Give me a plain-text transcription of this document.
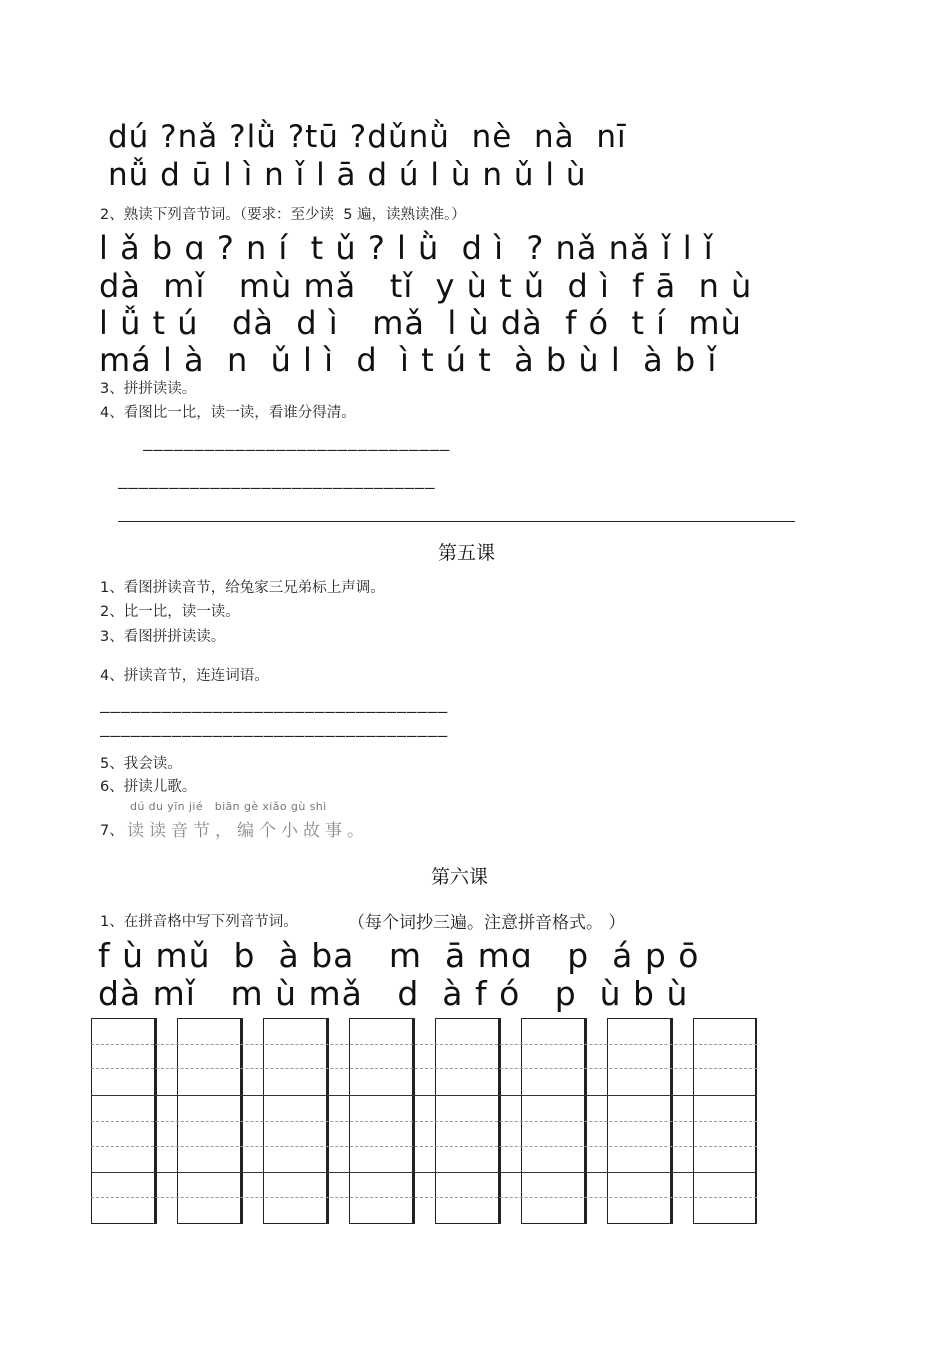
dú ?nǎ ?lǜ ?tū ?dǔnǜ  nè  nà  nī
nǚ d ū l ì n ǐ l ā d ú l ù n ǔ l ù
2、熟读下列音节词。（要求：至少读  5 遍，读熟读准。）
l ǎ b ɑ ? n í  t ǔ ? l ǜ  d ì  ? nǎ nǎ ǐ l ǐ
dà  mǐ   mù mǎ   tǐ  y ù t ǔ  d ì  f ā  n ù
l ǚ t ú   dà  d ì   mǎ  l ù dà  f ó  t í  mù
má l à  n  ǔ l ì  d  ì t ú t  à b ù l  à b ǐ
3、拼拼读读。
4、看图比一比，读一读，看谁分得清。
——————————————————————————————
———————————————————————————————
第五课
1、看图拼读音节，给兔家三兄弟标上声调。
2、比一比，读一读。
3、看图拼拼读读。
4、拼读音节，连连词语。
——————————————————————————————————
——————————————————————————————————
5、我会读。
6、拼读儿歌。
7、
dú du yīn jié   biān gè xiǎo gù shi
读读音节，编个小故事。
第六课
1、在拼音格中写下列音节词。	（每个词抄三遍。注意拼音格式。 ）
f ù mǔ  b  à ba   m  ā mɑ   p  á p ō
dà mǐ   m ù mǎ   d  à f ó   p  ù b ù
